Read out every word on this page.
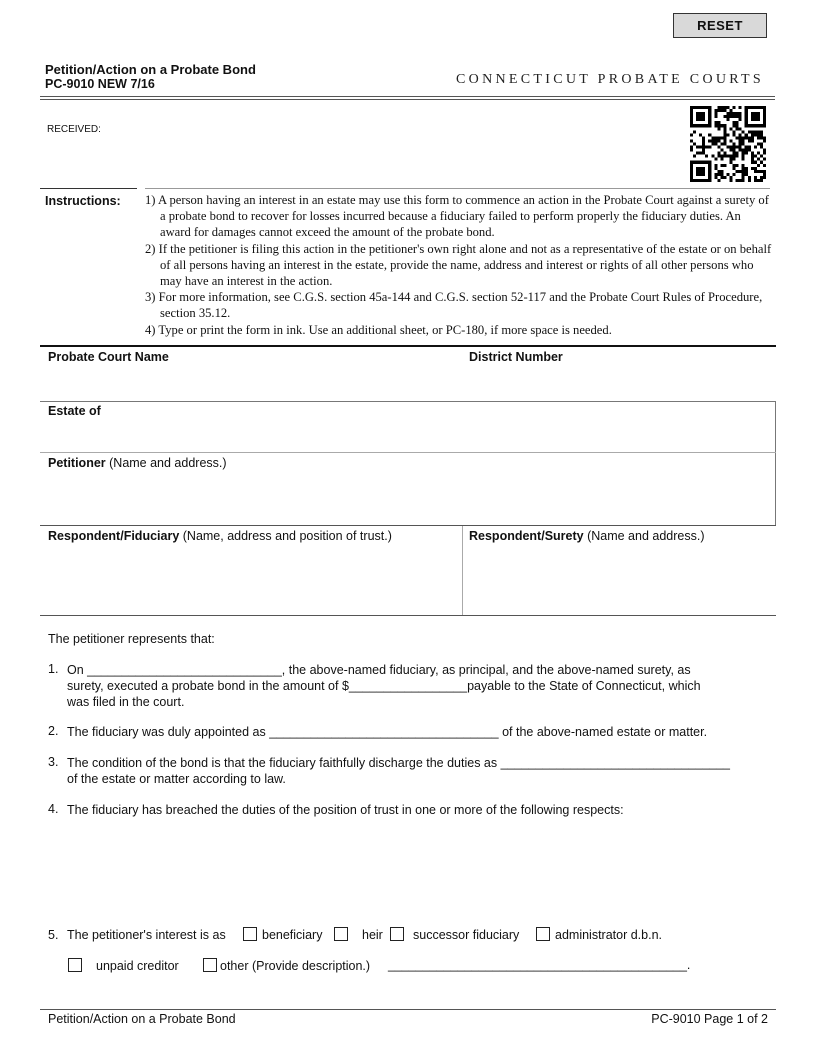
RESET
Petition/Action on a Probate Bond
PC-9010 NEW 7/16	CONNECTICUT PROBATE COURTS
RECEIVED:
Instructions: 1) A person having an interest in an estate may use this form to commence an action in the Probate Court against a surety of a probate bond to recover for losses incurred because a fiduciary failed to perform properly the fiduciary duties. An award for damages cannot exceed the amount of the probate bond.
2) If the petitioner is filing this action in the petitioner's own right alone and not as a representative of the estate or on behalf of all persons having an interest in the estate, provide the name, address and interest or rights of all other persons who may have an interest in the action.
3) For more information, see C.G.S. section 45a-144 and C.G.S. section 52-117 and the Probate Court Rules of Procedure, section 35.12.
4) Type or print the form in ink. Use an additional sheet, or PC-180, if more space is needed.
Probate Court Name	District Number
Estate of
Petitioner (Name and address.)
Respondent/Fiduciary (Name, address and position of trust.)	Respondent/Surety (Name and address.)
The petitioner represents that:
1. On ____________________________, the above-named fiduciary, as principal, and the above-named surety, as
surety, executed a probate bond in the amount of $_________________payable to the State of Connecticut, which
was filed in the court.
2. The fiduciary was duly appointed as _________________________________ of the above-named estate or matter.
3. The condition of the bond is that the fiduciary faithfully discharge the duties as _________________________________
of the estate or matter according to law.
4. The fiduciary has breached the duties of the position of trust in one or more of the following respects:
5. The petitioner's interest is as	beneficiary	heir	successor fiduciary	administrator d.b.n.
unpaid creditor	other (Provide description.) ___________________________________________.
Petition/Action on a Probate Bond	PC-9010 Page 1 of 2
